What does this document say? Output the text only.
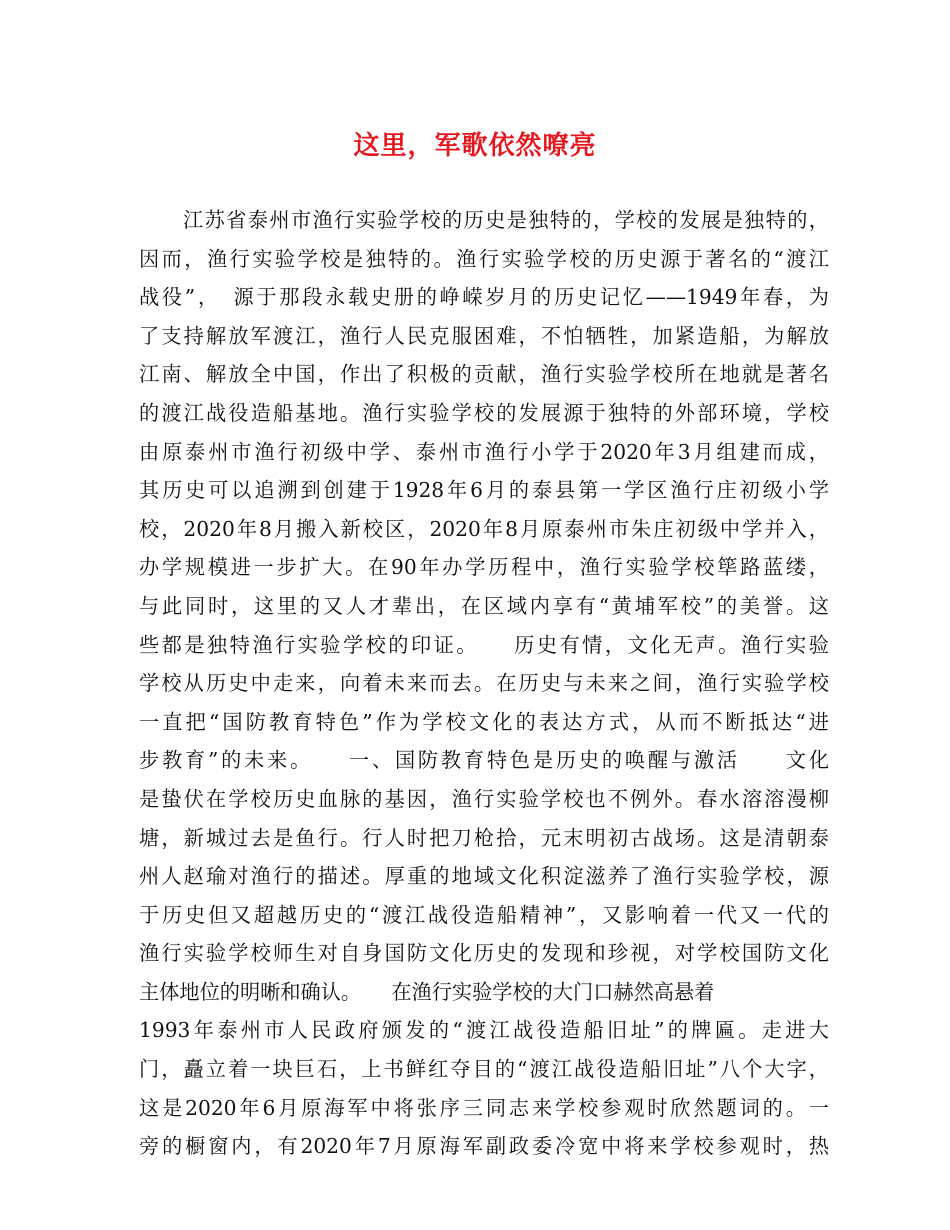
这里，军歌依然嘹亮
江苏省泰州市渔行实验学校的历史是独特的，学校的发展是独特的，
因而，渔行实验学校是独特的。渔行实验学校的历史源于著名的“渡江
战役”，　源于那段永载史册的峥嵘岁月的历史记忆——1949年春，为
了支持解放军渡江，渔行人民克服困难，不怕牺牲，加紧造船，为解放
江南、解放全中国，作出了积极的贡献，渔行实验学校所在地就是著名
的渡江战役造船基地。渔行实验学校的发展源于独特的外部环境，学校
由原泰州市渔行初级中学、泰州市渔行小学于2020年3月组建而成，
其历史可以追溯到创建于1928年6月的泰县第一学区渔行庄初级小学
校，2020年8月搬入新校区，2020年8月原泰州市朱庄初级中学并入，
办学规模进一步扩大。在90年办学历程中，渔行实验学校筚路蓝缕，
与此同时，这里的又人才辈出，在区域内享有“黄埔军校”的美誉。这
些都是独特渔行实验学校的印证。　　历史有情，文化无声。渔行实验
学校从历史中走来，向着未来而去。在历史与未来之间，渔行实验学校
一直把“国防教育特色”作为学校文化的表达方式，从而不断抵达“进
步教育”的未来。　　一、国防教育特色是历史的唤醒与激活　　文化
是蛰伏在学校历史血脉的基因，渔行实验学校也不例外。春水溶溶漫柳
塘，新城过去是鱼行。行人时把刀枪拾，元末明初古战场。这是清朝泰
州人赵瑜对渔行的描述。厚重的地域文化积淀滋养了渔行实验学校，源
于历史但又超越历史的“渡江战役造船精神”，又影响着一代又一代的
渔行实验学校师生对自身国防文化历史的发现和珍视，对学校国防文化
主体地位的明晰和确认。　　在渔行实验学校的大门口赫然高悬着
1993年泰州市人民政府颁发的“渡江战役造船旧址”的牌匾。走进大
门，矗立着一块巨石，上书鲜红夺目的“渡江战役造船旧址”八个大字，
这是2020年6月原海军中将张序三同志来学校参观时欣然题词的。一
旁的橱窗内，有2020年7月原海军副政委冷宽中将来学校参观时，热
